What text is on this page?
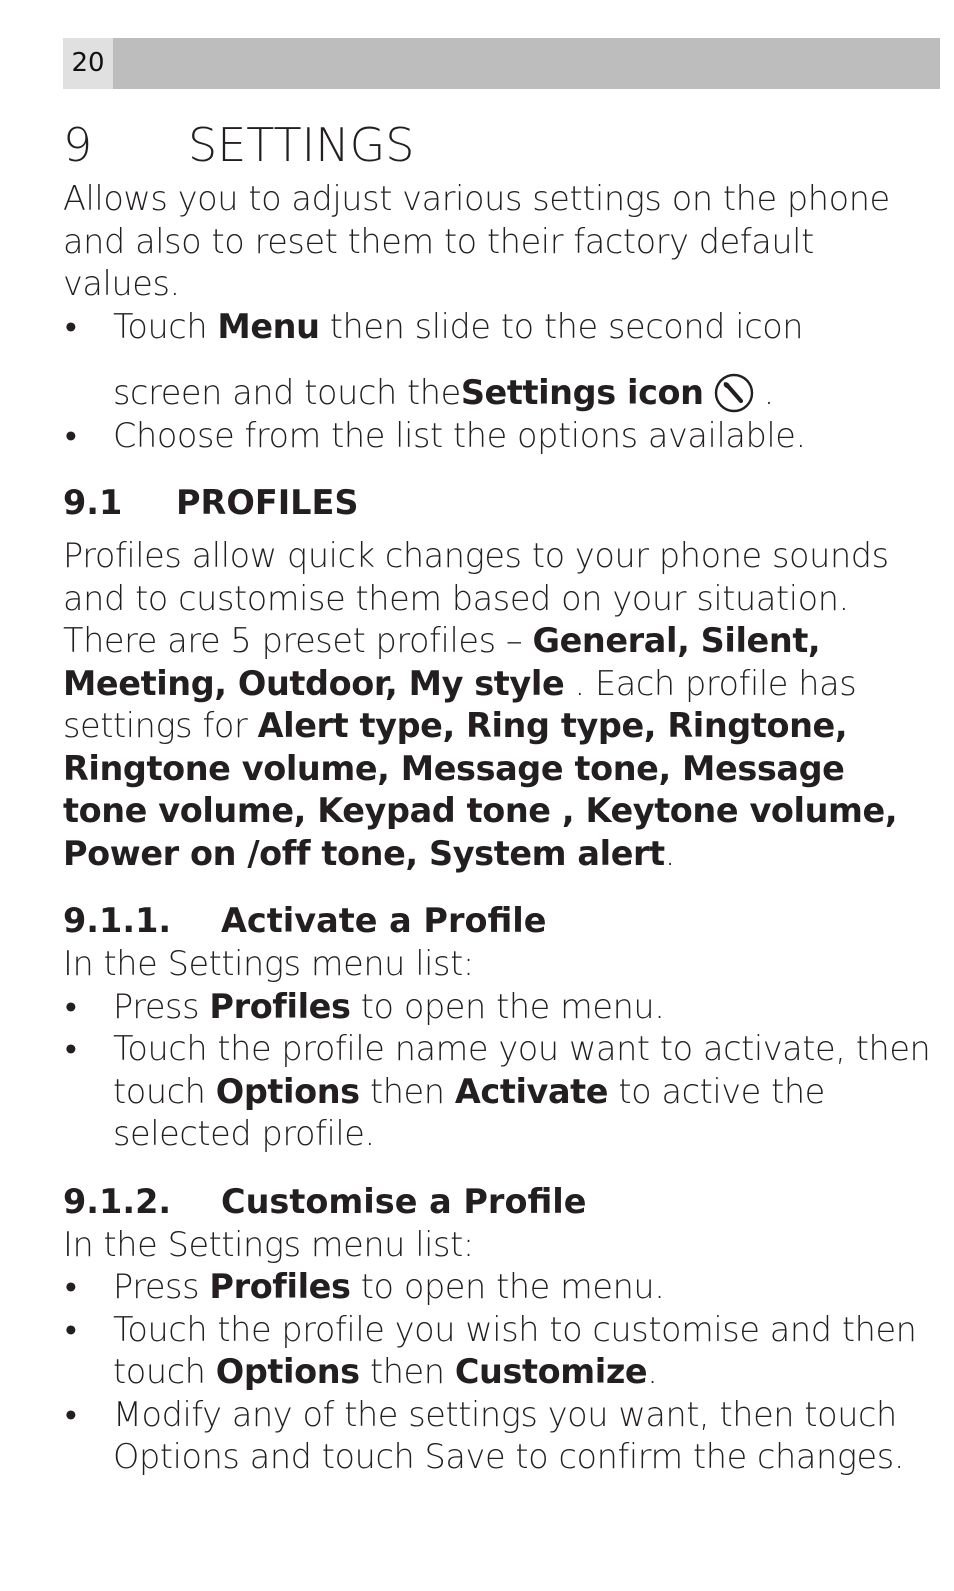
20
9	SETTINGS

Allows you to adjust various settings on the phone and also to reset them to their factory default values.

• Touch Menu then slide to the second icon
screen and touch the Settings icon .
• Choose from the list the options available.
9.1	PROFILES

Profiles allow quick changes to your phone sounds and to customise them based on your situation. There are 5 preset profiles – General, Silent, Meeting, Outdoor, My style . Each profile has settings for Alert type, Ring type, Ringtone, Ringtone volume, Message tone, Message tone volume, Keypad tone , Keytone volume, Power on /off tone, System alert.

9.1.1.	Activate a Profile

In the Settings menu list:

• Press Profiles to open the menu.
• Touch the profile name you want to activate, then touch Options then Activate to active the selected profile.
9.1.2.	Customise a Profile

In the Settings menu list:

• Press Profiles to open the menu.
• Touch the profile you wish to customise and then touch Options then Customize.
• Modify any of the settings you want, then touch Options and touch Save to confirm the changes.
